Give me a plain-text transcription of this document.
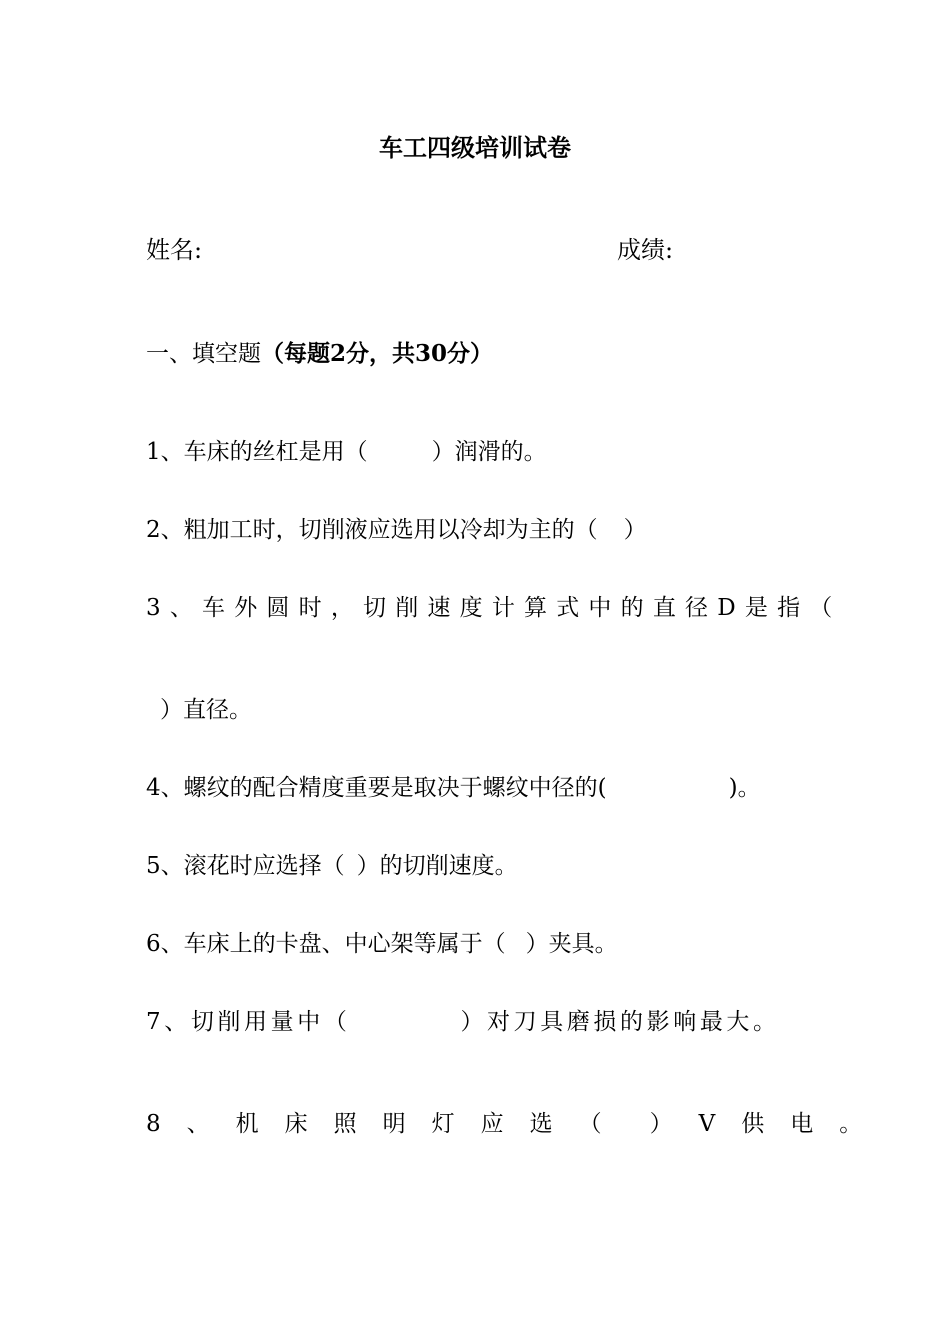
车工四级培训试卷
姓名:	成绩:
一、填空题（每题2分，共30分）
1、车床的丝杠是用（	）润滑的。
2、粗加工时，切削液应选用以冷却为主的（ ）
3、车外圆时，切削速度计算式中的直径D是指（
）直径。
4、螺纹的配合精度重要是取决于螺纹中径的(	)。
5、滚花时应选择（ ）的切削速度。
6、车床上的卡盘、中心架等属于（ ）夹具。
7、切削用量中（	）对刀具磨损的影响最大。
8、机床照明灯应选（ ）V供电。
